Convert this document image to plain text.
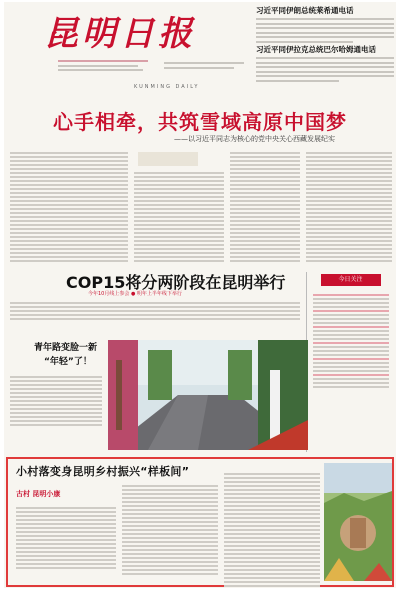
昆明日报
KUNMING DAILY
习近平同伊朗总统莱希通电话
习近平同伊拉克总统巴尔哈姆通电话
心手相牵，共筑雪域高原中国梦
——以习近平同志为核心的党中央关心西藏发展纪实
COP15将分两阶段在昆明举行
今年10月线上参会 ● 明年上半年线下举行
今日关注
青年路变脸一新
“年轻”了！
小村落变身昆明乡村振兴“样板间”
古村 昆明小康
